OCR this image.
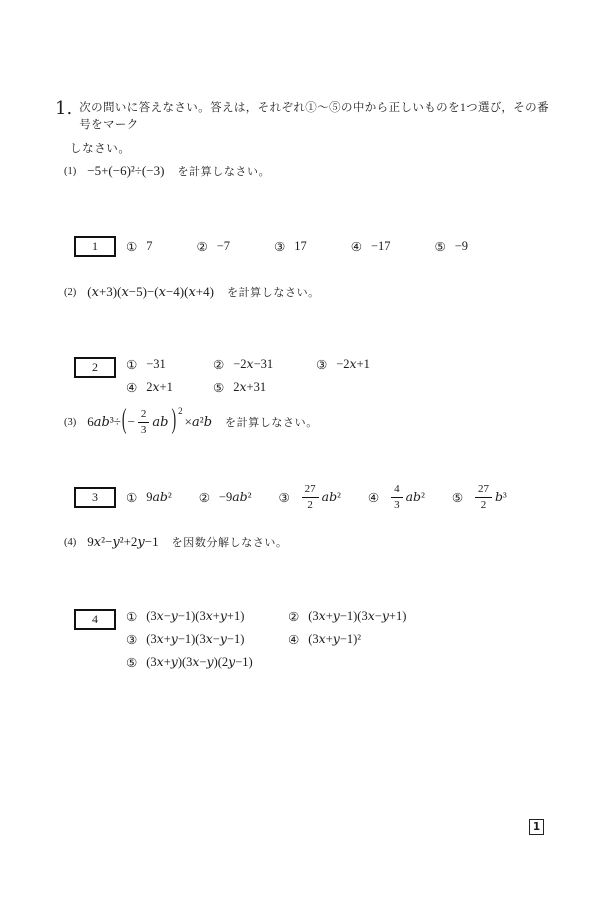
1. 次の問いに答えなさい。答えは，それぞれ①～⑤の中から正しいものを1つ選び，その番号をマーク
しなさい。
(1) −5+(−6)²÷(−3) を計算しなさい。
1	① 7	② −7	③ 17	④ −17	⑤ −9
(2) ( x +3)( x −5)−( x −4)( x +4) を計算しなさい。
2	① −31	② −2x−31	③ −2x+1
④ 2x+1	⑤ 2x+31
(3) 6ab³÷ ( − $\frac{2}{3}$ ab )$^2$
×a²b を計算しなさい。
3	① 9ab² ② −9ab² ③ $\frac{27}{2} ab^2$ ④ $\frac{4}{3} ab^2$ ⑤ $\frac{27}{2} b^3$
(4) 9 x ²− y ²+2 y −1 を因数分解しなさい。
4	① (3x−y−1)(3x+y+1)	② (3x+y−1)(3x−y+1)
③ (3x+y−1)(3x−y−1)	④ (3x+y−1)²
⑤ (3x+y)(3x−y)(2y−1)
1
